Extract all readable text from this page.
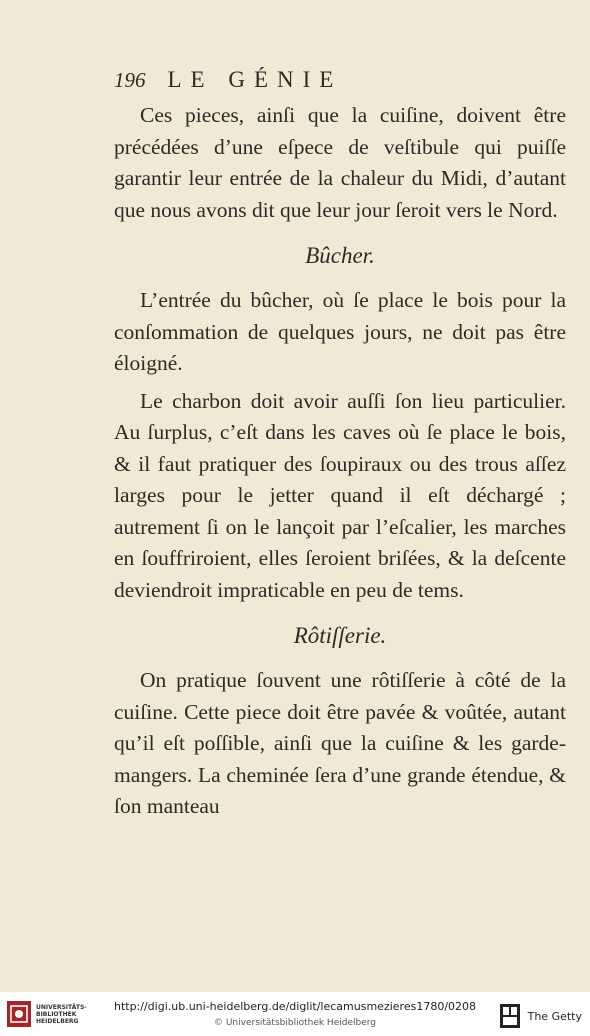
196 LE GÉNIE

Ces pieces, ainſi que la cuiſine, doivent être précédées d’une eſpece de veſtibule qui puiſſe garantir leur entrée de la chaleur du Midi, d’autant que nous avons dit que leur jour ſeroit vers le Nord.

Bûcher.

L’entrée du bûcher, où ſe place le bois pour la conſommation de quelques jours, ne doit pas être éloigné.

Le charbon doit avoir auſſi ſon lieu particulier. Au ſurplus, c’eſt dans les caves où ſe place le bois, & il faut pratiquer des ſoupiraux ou des trous aſſez larges pour le jetter quand il eſt déchargé ; autrement ſi on le lançoit par l’eſcalier, les marches en ſouffriroient, elles ſeroient briſées, & la deſcente deviendroit impraticable en peu de tems.

Rôtiſſerie.

On pratique ſouvent une rôtiſſerie à côté de la cuiſine. Cette piece doit être pavée & voûtée, autant qu’il eſt poſſible, ainſi que la cuiſine & les garde-mangers. La cheminée ſera d’une grande étendue, & ſon manteau

UNIVERSITÄTS-BIBLIOTHEK HEIDELBERG
http://digi.ub.uni-heidelberg.de/diglit/lecamusmezieres1780/0208
© Universitätsbibliothek Heidelberg
The Getty
